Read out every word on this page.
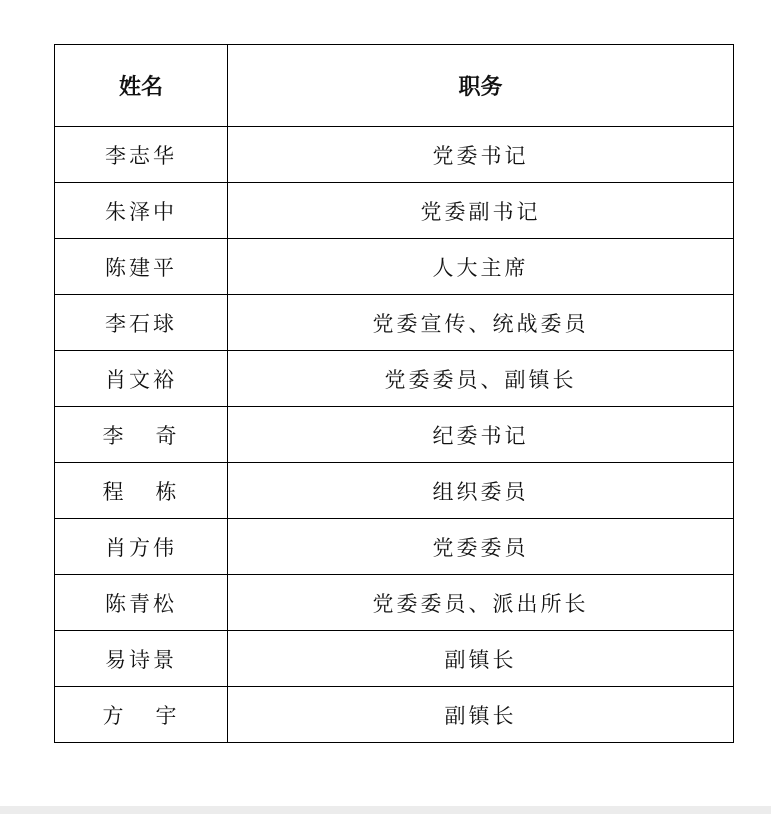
姓名	职务
李志华	党委书记
朱泽中	党委副书记
陈建平	人大主席
李石球	党委宣传、统战委员
肖文裕	党委委员、副镇长
李   奇	纪委书记
程   栋	组织委员
肖方伟	党委委员
陈青松	党委委员、派出所长
易诗景	副镇长
方   宇	副镇长
